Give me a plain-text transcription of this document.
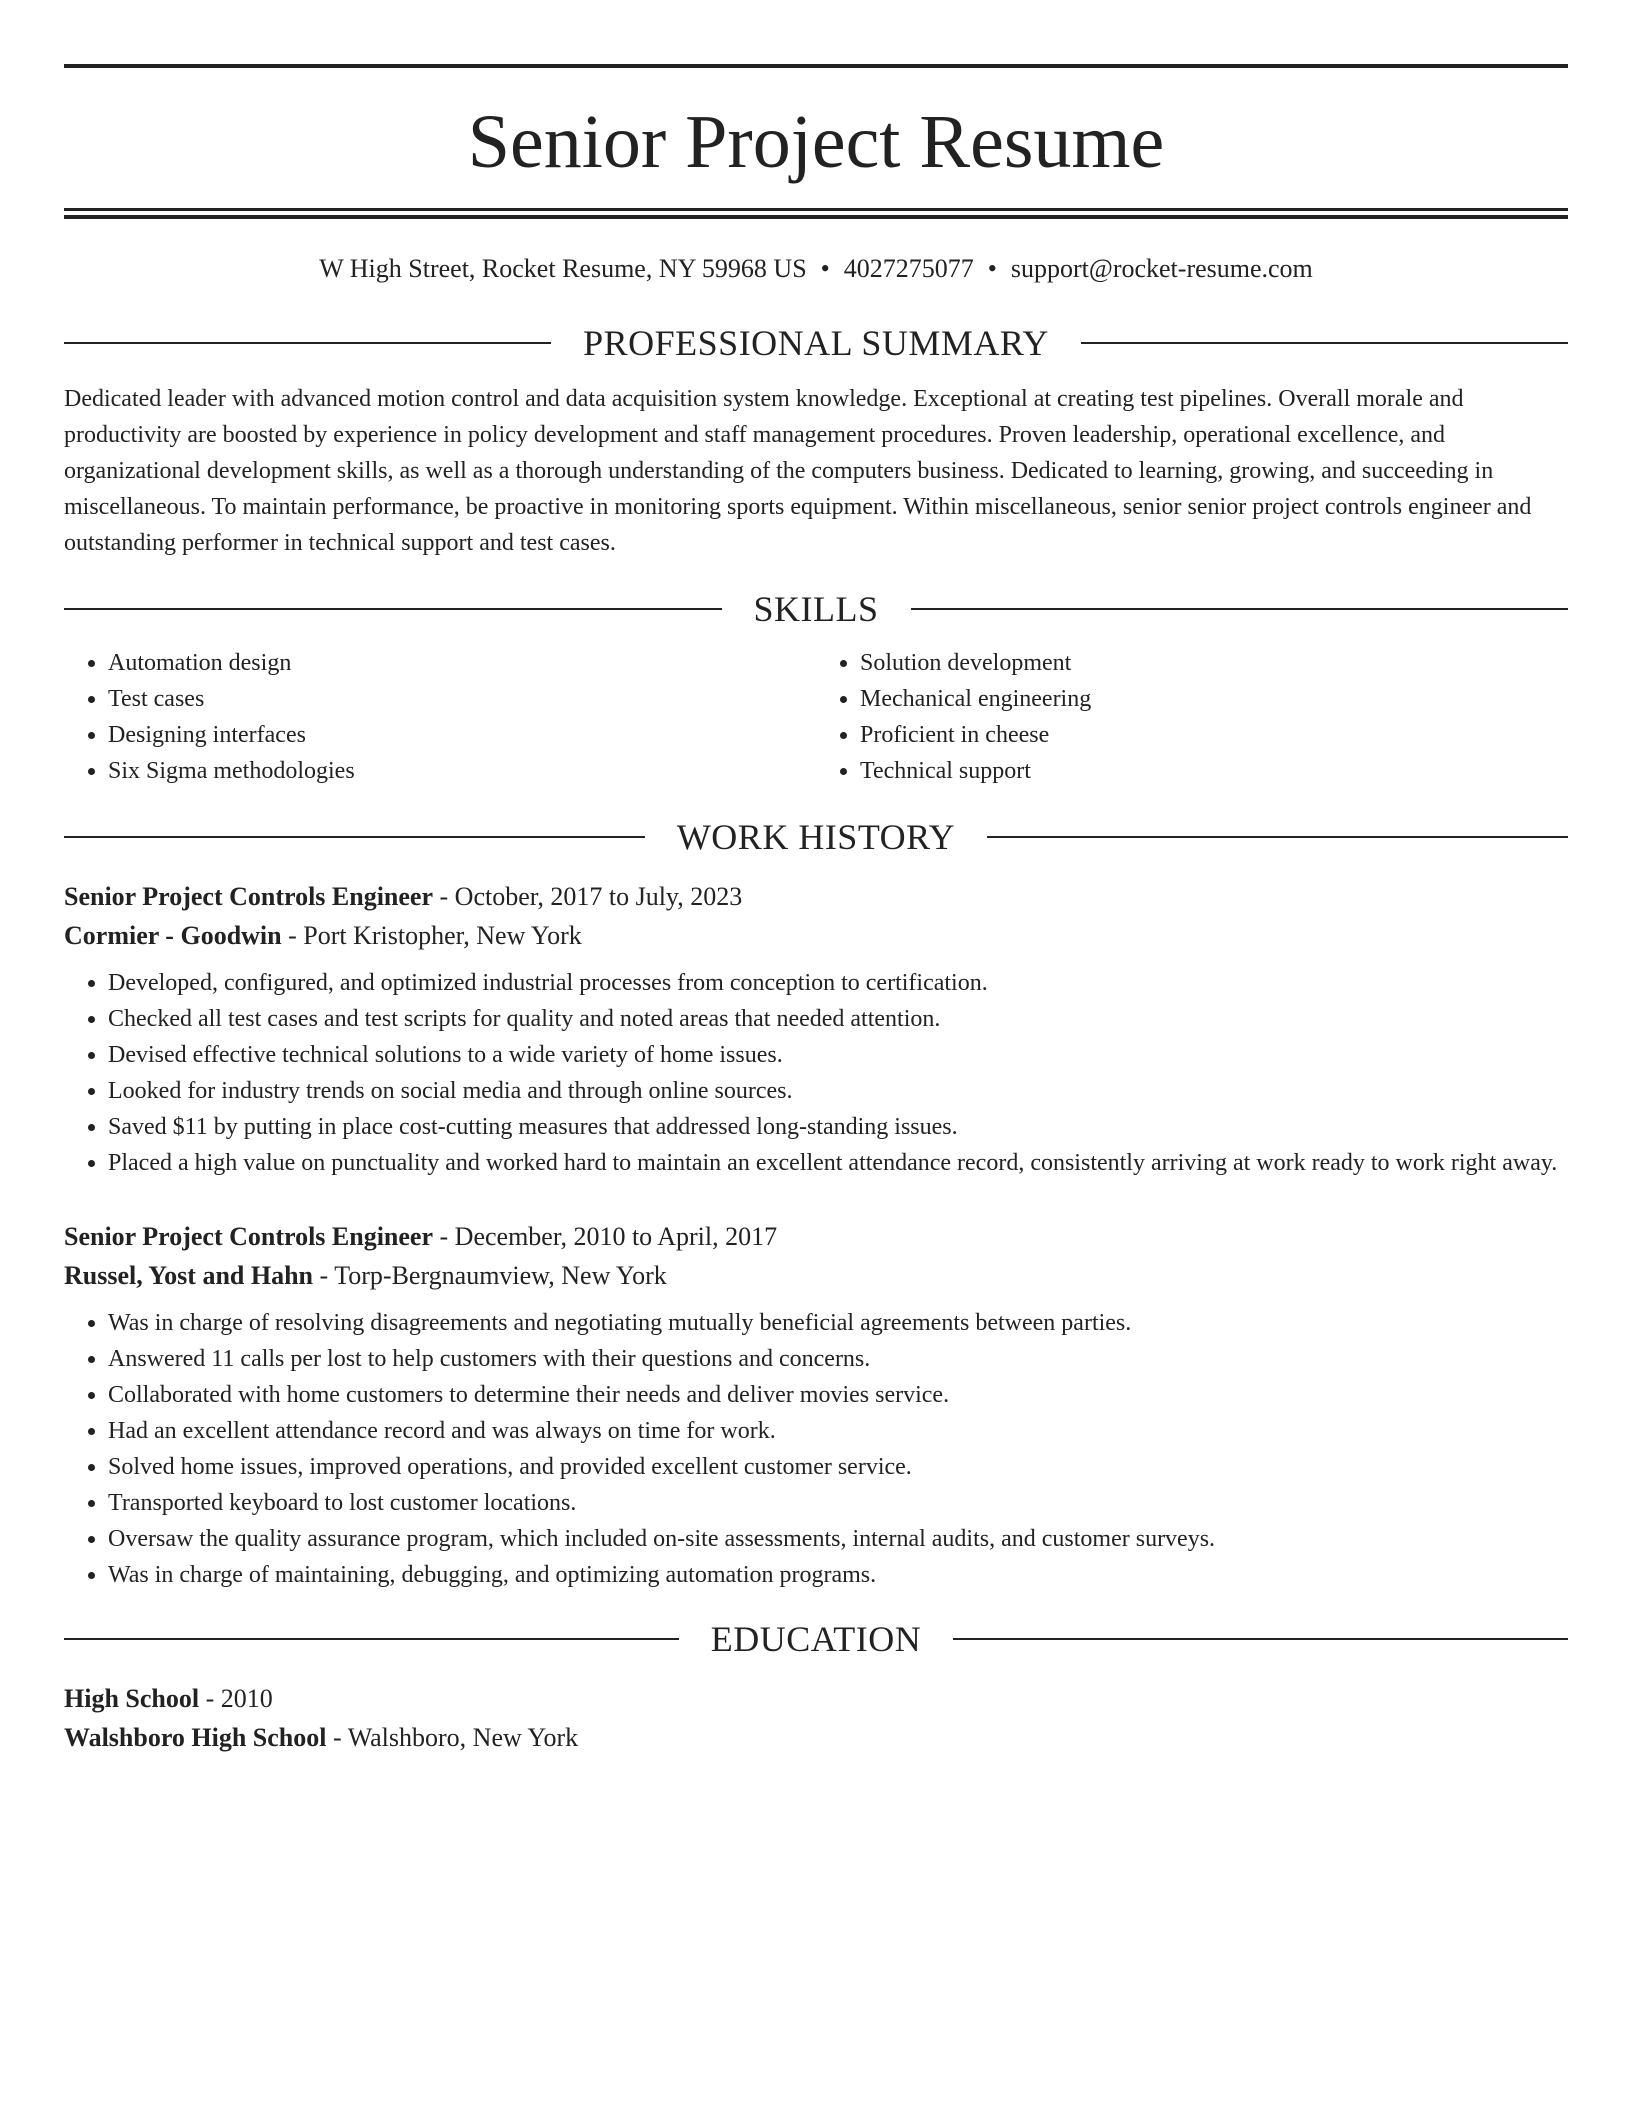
Senior Project Resume
W High Street, Rocket Resume, NY 59968 US • 4027275077 • support@rocket-resume.com
PROFESSIONAL SUMMARY
Dedicated leader with advanced motion control and data acquisition system knowledge. Exceptional at creating test pipelines. Overall morale and productivity are boosted by experience in policy development and staff management procedures. Proven leadership, operational excellence, and organizational development skills, as well as a thorough understanding of the computers business. Dedicated to learning, growing, and succeeding in miscellaneous. To maintain performance, be proactive in monitoring sports equipment. Within miscellaneous, senior senior project controls engineer and outstanding performer in technical support and test cases.
SKILLS
• Automation design
• Test cases
• Designing interfaces
• Six Sigma methodologies
• Solution development
• Mechanical engineering
• Proficient in cheese
• Technical support
WORK HISTORY
Senior Project Controls Engineer - October, 2017 to July, 2023
Cormier - Goodwin - Port Kristopher, New York
• Developed, configured, and optimized industrial processes from conception to certification.
• Checked all test cases and test scripts for quality and noted areas that needed attention.
• Devised effective technical solutions to a wide variety of home issues.
• Looked for industry trends on social media and through online sources.
• Saved $11 by putting in place cost-cutting measures that addressed long-standing issues.
• Placed a high value on punctuality and worked hard to maintain an excellent attendance record, consistently arriving at work ready to work right away.
Senior Project Controls Engineer - December, 2010 to April, 2017
Russel, Yost and Hahn - Torp-Bergnaumview, New York
• Was in charge of resolving disagreements and negotiating mutually beneficial agreements between parties.
• Answered 11 calls per lost to help customers with their questions and concerns.
• Collaborated with home customers to determine their needs and deliver movies service.
• Had an excellent attendance record and was always on time for work.
• Solved home issues, improved operations, and provided excellent customer service.
• Transported keyboard to lost customer locations.
• Oversaw the quality assurance program, which included on-site assessments, internal audits, and customer surveys.
• Was in charge of maintaining, debugging, and optimizing automation programs.
EDUCATION
High School - 2010
Walshboro High School - Walshboro, New York
